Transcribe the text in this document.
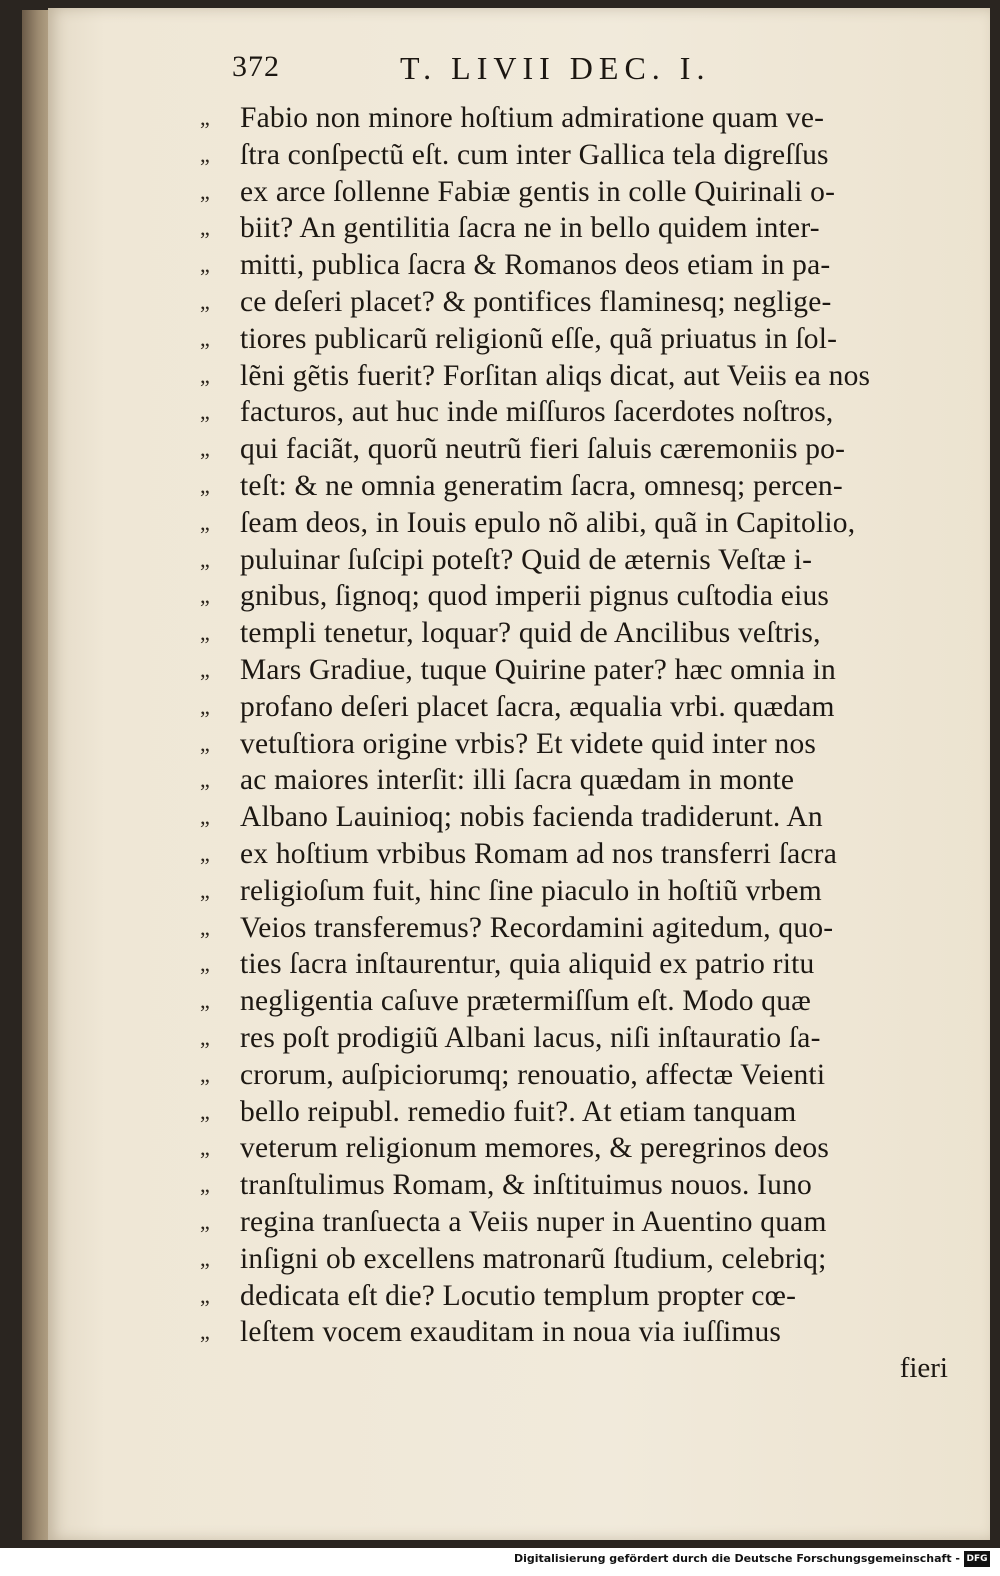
372	T. LIVII DEC. I.
„	Fabio non minore hoſtium admiratione quam ve-
„	ſtra conſpectũ eſt. cum inter Gallica tela digreſſus
„	ex arce ſollenne Fabiæ gentis in colle Quirinali o-
„	biit? An gentilitia ſacra ne in bello quidem inter-
„	mitti, publica ſacra & Romanos deos etiam in pa-
„	ce deſeri placet? & pontifices flaminesq; neglige-
„	tiores publicarũ religionũ eſſe, quã priuatus in ſol-
„	lẽni gẽtis fuerit? Forſitan aliqs dicat, aut Veiis ea nos
„	facturos, aut huc inde miſſuros ſacerdotes noſtros,
„	qui faciãt, quorũ neutrũ fieri ſaluis cæremoniis po-
„	teſt: & ne omnia generatim ſacra, omnesq; percen-
„	ſeam deos, in Iouis epulo nõ alibi, quã in Capitolio,
„	puluinar ſuſcipi poteſt? Quid de æternis Veſtæ i-
„	gnibus, ſignoq; quod imperii pignus cuſtodia eius
„	templi tenetur, loquar? quid de Ancilibus veſtris,
„	Mars Gradiue, tuque Quirine pater? hæc omnia in
„	profano deſeri placet ſacra, æqualia vrbi. quædam
„	vetuſtiora origine vrbis? Et videte quid inter nos
„	ac maiores interſit: illi ſacra quædam in monte
„	Albano Lauinioq; nobis facienda tradiderunt. An
„	ex hoſtium vrbibus Romam ad nos transferri ſacra
„	religioſum fuit, hinc ſine piaculo in hoſtiũ vrbem
„	Veios transferemus? Recordamini agitedum, quo-
„	ties ſacra inſtaurentur, quia aliquid ex patrio ritu
„	negligentia caſuve prætermiſſum eſt. Modo quæ
„	res poſt prodigiũ Albani lacus, niſi inſtauratio ſa-
„	crorum, auſpiciorumq; renouatio, affectæ Veienti
„	bello reipubl. remedio fuit?. At etiam tanquam
„	veterum religionum memores, & peregrinos deos
„	tranſtulimus Romam, & inſtituimus nouos. Iuno
„	regina tranſuecta a Veiis nuper in Auentino quam
„	inſigni ob excellens matronarũ ſtudium, celebriq;
„	dedicata eſt die? Locutio templum propter cœ-
„	leſtem vocem exauditam in noua via iuſſimus
fieri
Digitalisierung gefördert durch die Deutsche Forschungsgemeinschaft - DFG
